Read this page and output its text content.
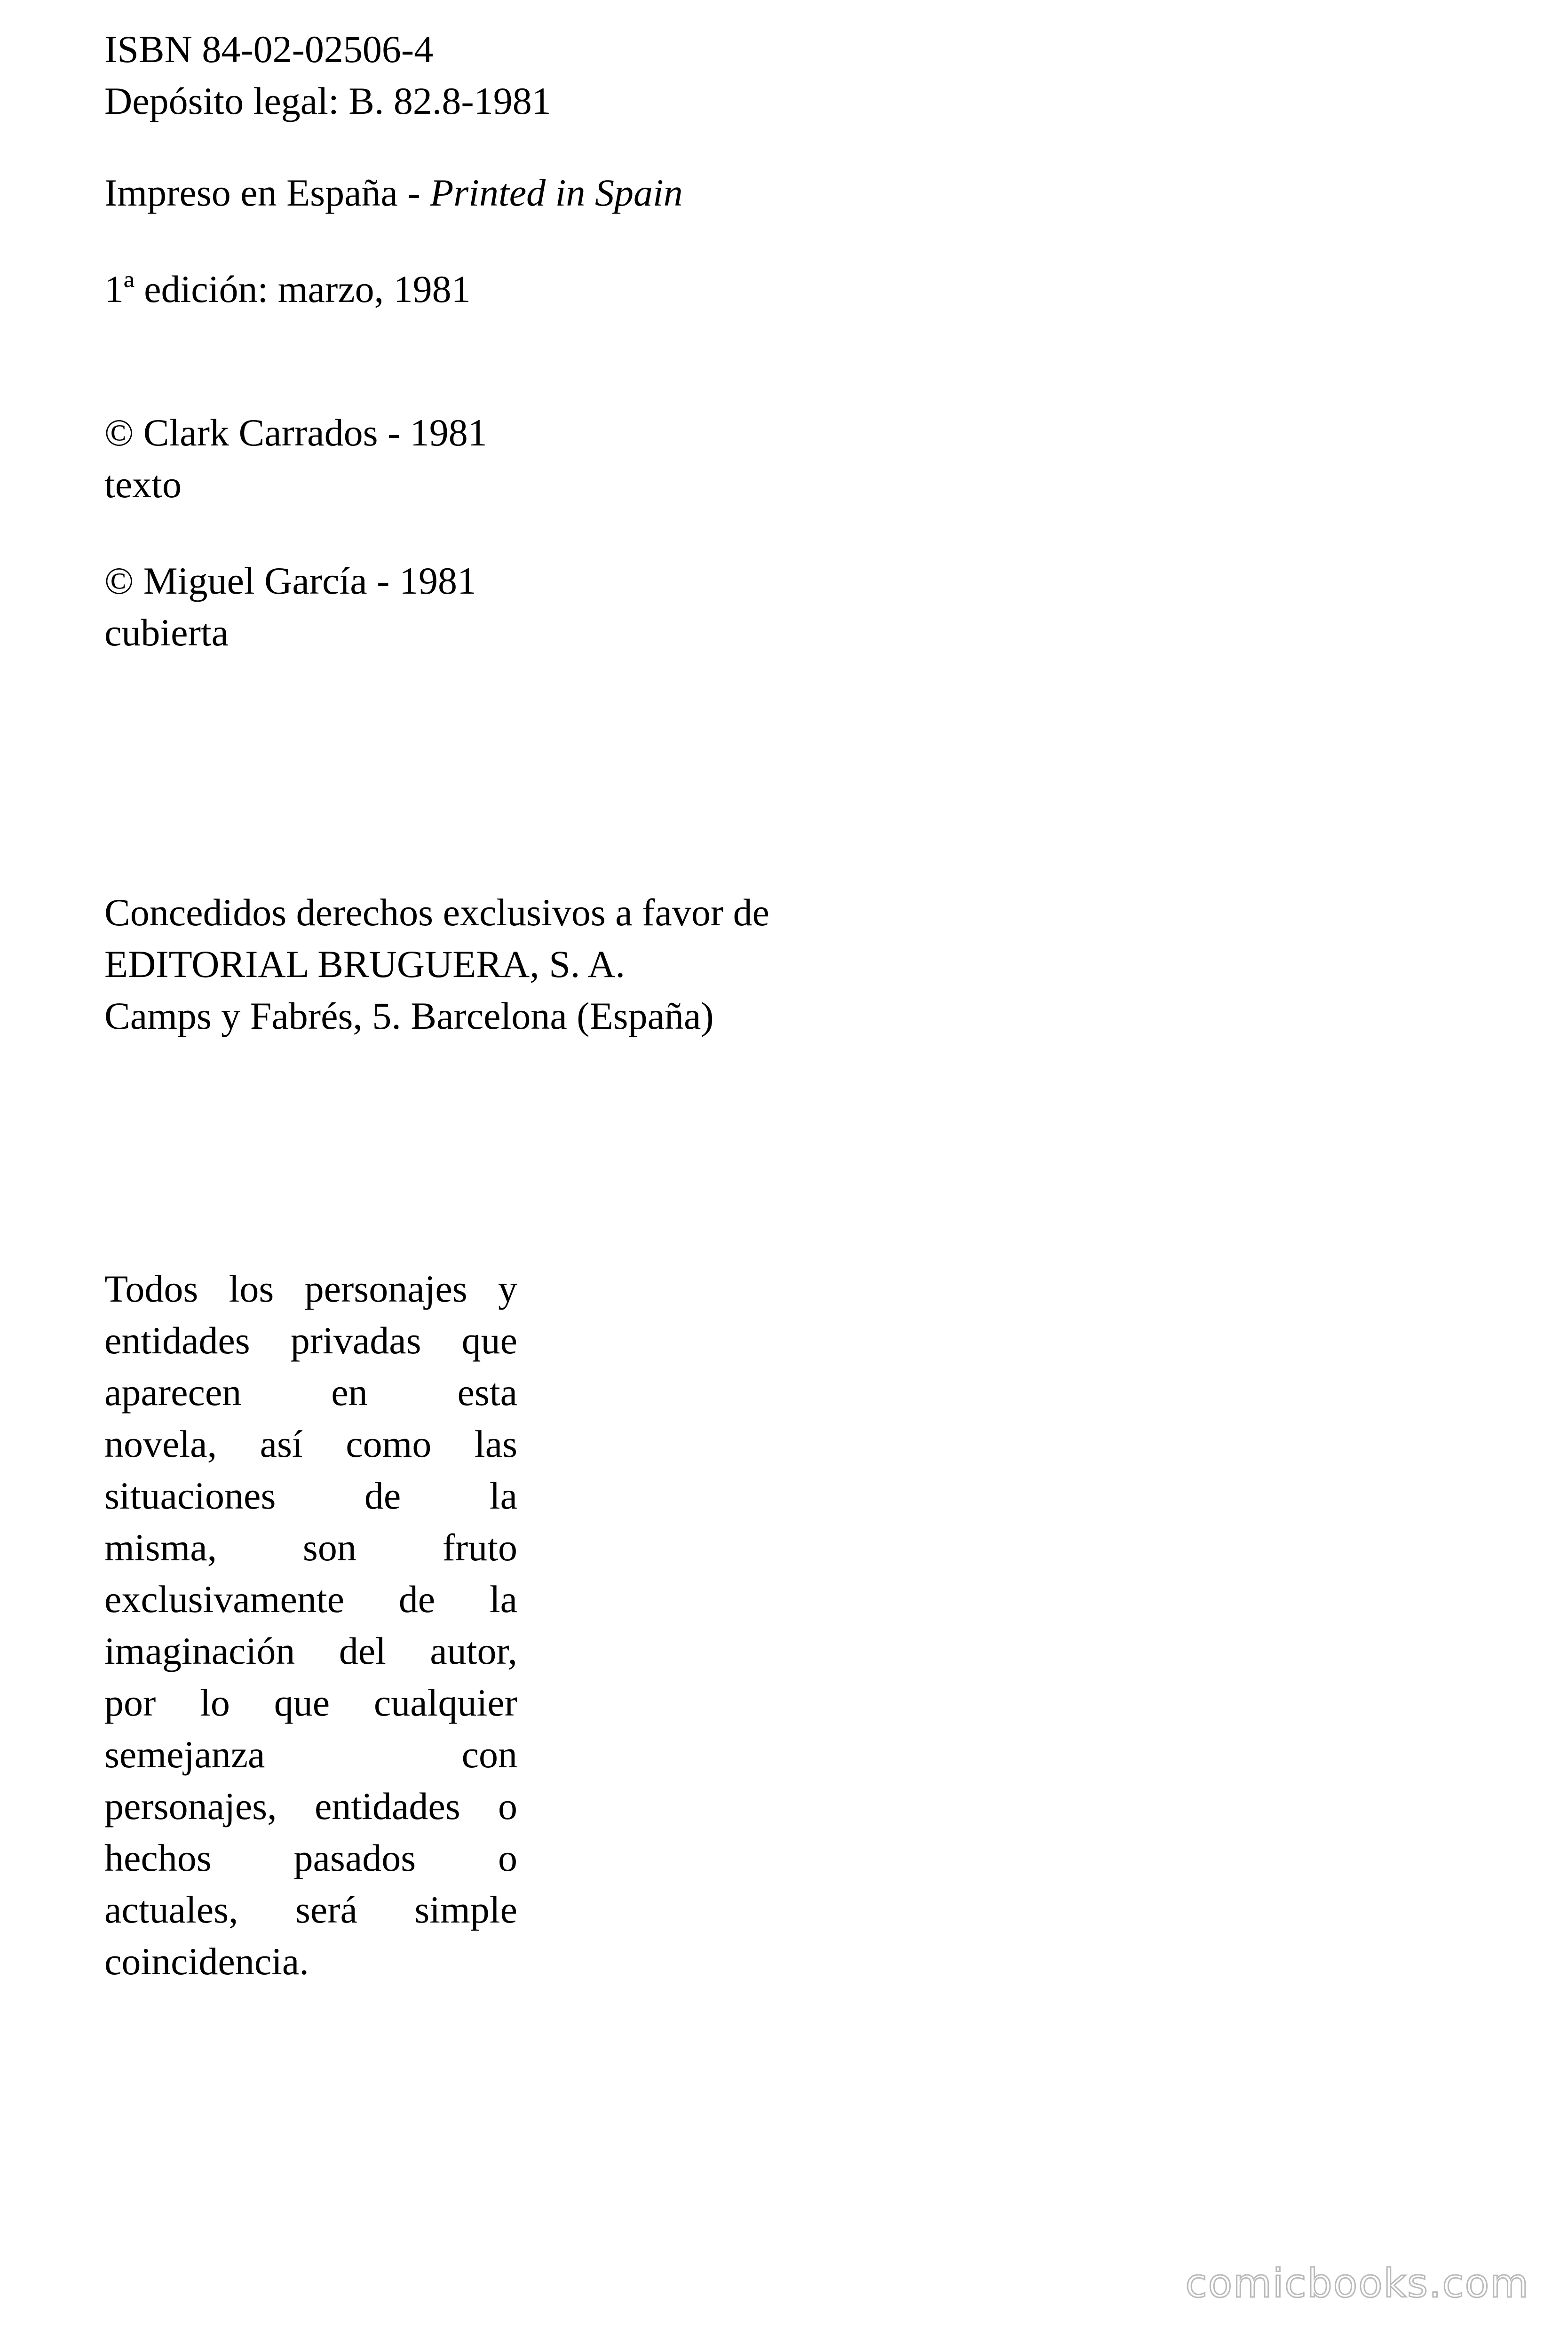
ISBN 84-02-02506-4
Depósito legal: B. 82.8-1981
Impreso en España - Printed in Spain
1ª edición: marzo, 1981
© Clark Carrados - 1981
texto
© Miguel García - 1981
cubierta
Concedidos derechos exclusivos a favor de
EDITORIAL BRUGUERA, S. A.
Camps y Fabrés, 5. Barcelona (España)
Todos los personajes y
entidades privadas que
aparecen en esta
novela, así como las
situaciones de la
misma, son fruto
exclusivamente de la
imaginación del autor,
por lo que cualquier
semejanza	con
personajes, entidades o
hechos pasados o
actuales, será simple
coincidencia.
comicbooks.com
